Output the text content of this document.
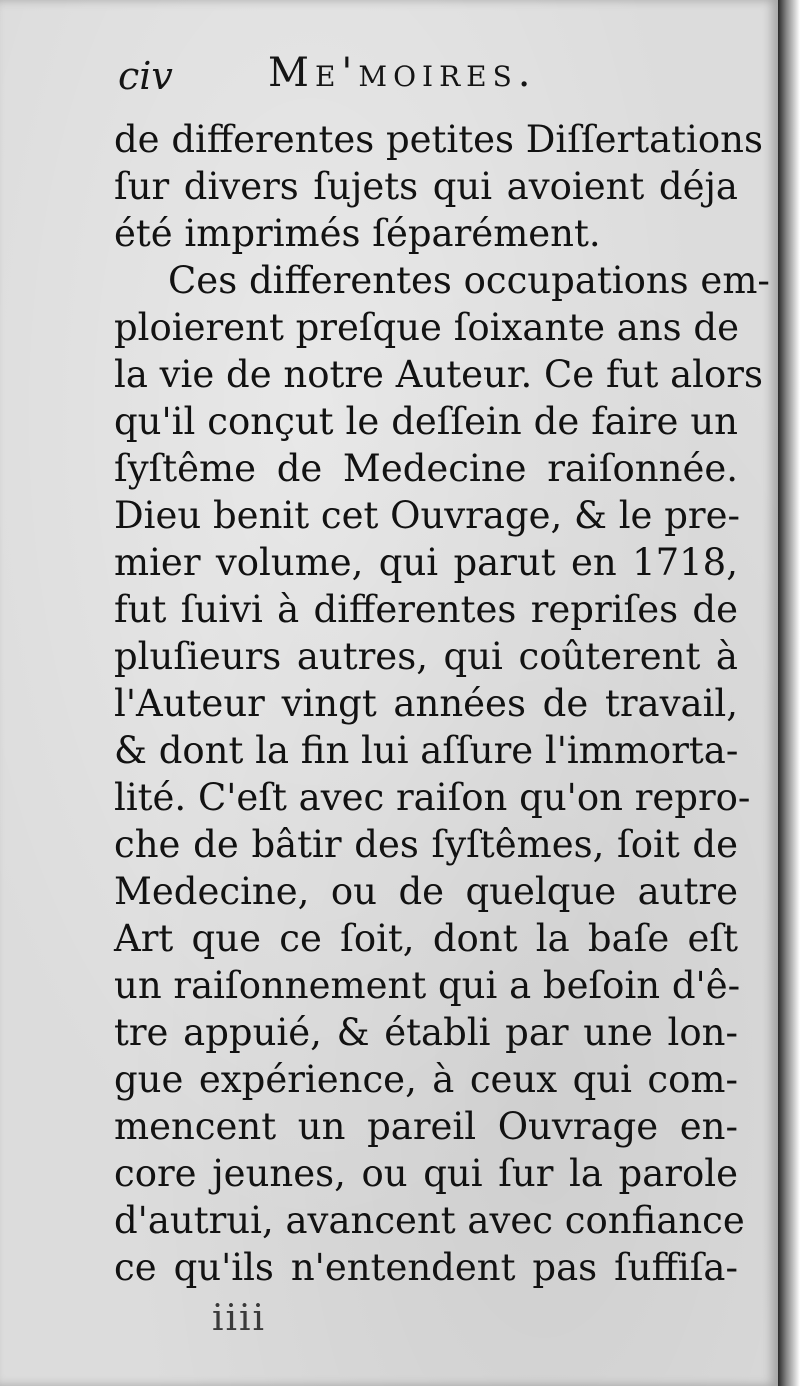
civ Me'moires.
de differentes petites Diſſertations
ſur divers ſujets qui avoient déja
été imprimés ſéparément.
Ces differentes occupations em-
ploierent preſque ſoixante ans de
la vie de notre Auteur. Ce fut alors
qu'il conçut le deſſein de faire un
ſyſtême de Medecine raiſonnée.
Dieu benit cet Ouvrage, & le pre-
mier volume, qui parut en 1718,
fut ſuivi à differentes repriſes de
pluſieurs autres, qui coûterent à
l'Auteur vingt années de travail,
& dont la fin lui aſſure l'immorta-
lité. C'eſt avec raiſon qu'on repro-
che de bâtir des ſyſtêmes, ſoit de
Medecine, ou de quelque autre
Art que ce ſoit, dont la baſe eſt
un raiſonnement qui a beſoin d'ê-
tre appuié, & établi par une lon-
gue expérience, à ceux qui com-
mencent un pareil Ouvrage en-
core jeunes, ou qui ſur la parole
d'autrui, avancent avec confiance
ce qu'ils n'entendent pas ſuffiſa-
iiii
